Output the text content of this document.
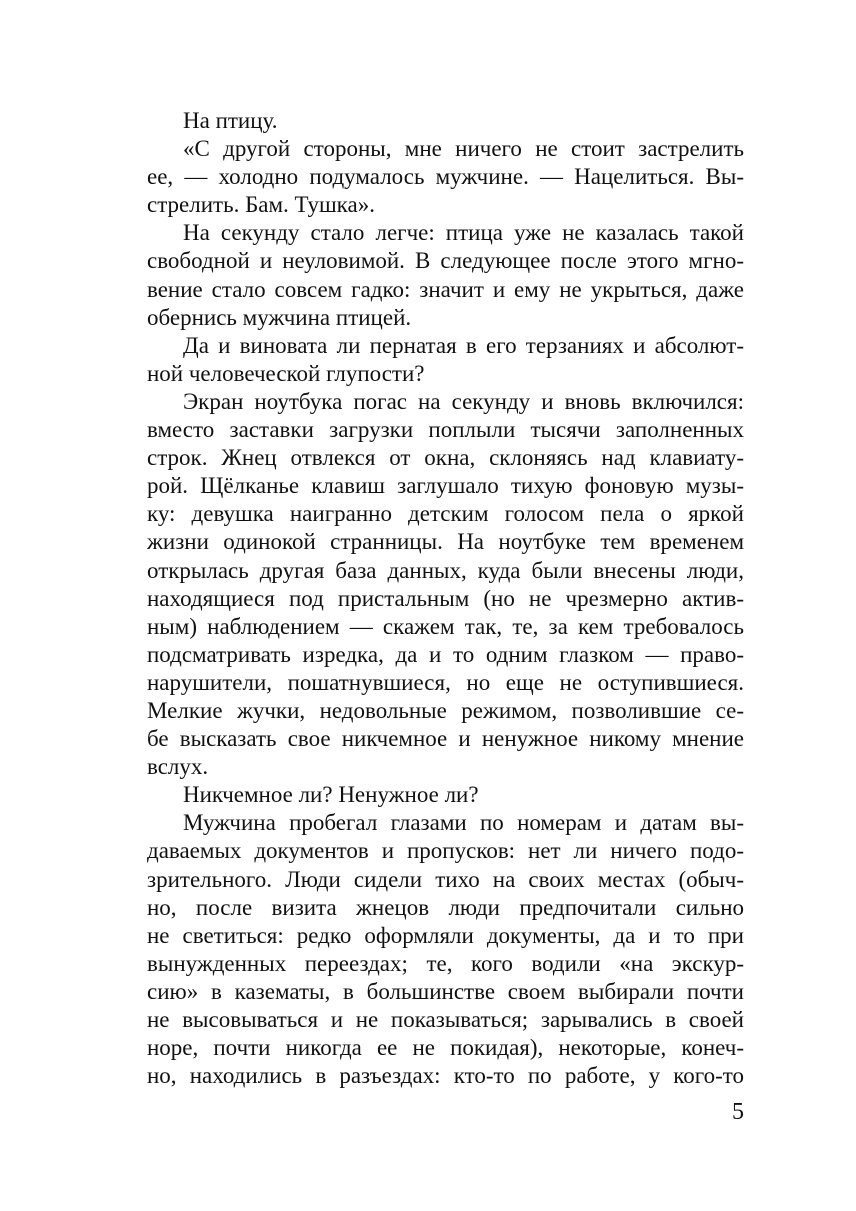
На птицу.
«С другой стороны, мне ничего не стоит застрелить
ее, — холодно подумалось мужчине. — Нацелиться. Вы-
стрелить. Бам. Тушка».
На секунду стало легче: птица уже не казалась такой
свободной и неуловимой. В следующее после этого мгно-
вение стало совсем гадко: значит и ему не укрыться, даже
обернись мужчина птицей.
Да и виновата ли пернатая в его терзаниях и абсолют-
ной человеческой глупости?
Экран ноутбука погас на секунду и вновь включился:
вместо заставки загрузки поплыли тысячи заполненных
строк. Жнец отвлекся от окна, склоняясь над клавиату-
рой. Щёлканье клавиш заглушало тихую фоновую музы-
ку: девушка наигранно детским голосом пела о яркой
жизни одинокой странницы. На ноутбуке тем временем
открылась другая база данных, куда были внесены люди,
находящиеся под пристальным (но не чрезмерно актив-
ным) наблюдением — скажем так, те, за кем требовалось
подсматривать изредка, да и то одним глазком — право-
нарушители, пошатнувшиеся, но еще не оступившиеся.
Мелкие жучки, недовольные режимом, позволившие се-
бе высказать свое никчемное и ненужное никому мнение
вслух.
Никчемное ли? Ненужное ли?
Мужчина пробегал глазами по номерам и датам вы-
даваемых документов и пропусков: нет ли ничего подо-
зрительного. Люди сидели тихо на своих местах (обыч-
но, после визита жнецов люди предпочитали сильно
не светиться: редко оформляли документы, да и то при
вынужденных переездах; те, кого водили «на экскур-
сию» в казематы, в большинстве своем выбирали почти
не высовываться и не показываться; зарывались в своей
норе, почти никогда ее не покидая), некоторые, конеч-
но, находились в разъездах: кто-то по работе, у кого-то
5
